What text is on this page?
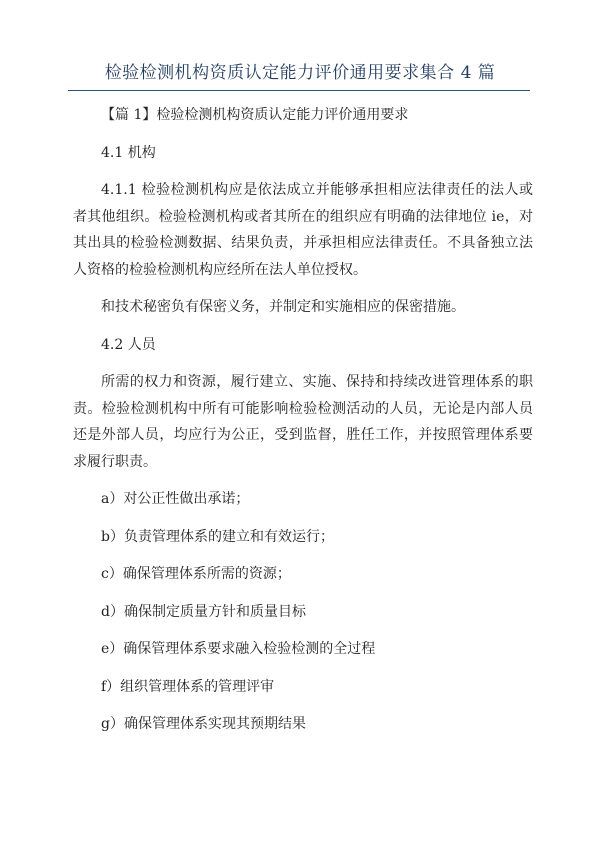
检验检测机构资质认定能力评价通用要求集合 4 篇

【篇 1】检验检测机构资质认定能力评价通用要求

4.1 机构

4.1.1 检验检测机构应是依法成立并能够承担相应法律责任的法人或者其他组织。检验检测机构或者其所在的组织应有明确的法律地位 ie，对其出具的检验检测数据、结果负责，并承担相应法律责任。不具备独立法人资格的检验检测机构应经所在法人单位授权。

和技术秘密负有保密义务，并制定和实施相应的保密措施。

4.2 人员

所需的权力和资源，履行建立、实施、保持和持续改进管理体系的职责。检验检测机构中所有可能影响检验检测活动的人员，无论是内部人员还是外部人员，均应行为公正，受到监督，胜任工作，并按照管理体系要求履行职责。

a）对公正性做出承诺；

b）负责管理体系的建立和有效运行；

c）确保管理体系所需的资源；

d）确保制定质量方针和质量目标

e）确保管理体系要求融入检验检测的全过程

f）组织管理体系的管理评审

g）确保管理体系实现其预期结果
